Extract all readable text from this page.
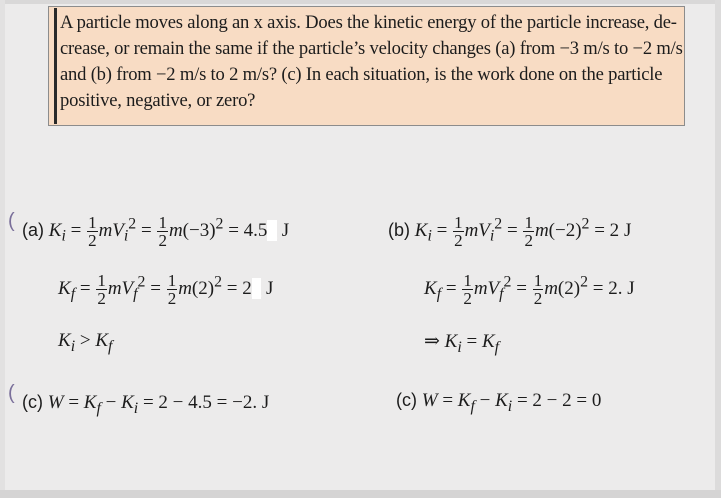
A particle moves along an x axis. Does the kinetic energy of the particle increase, de-
crease, or remain the same if the particle’s velocity changes (a) from −3 m/s to −2 m/s
and (b) from −2 m/s to 2 m/s? (c) In each situation, is the work done on the particle
positive, negative, or zero?
( (a) $K_i = \frac{1}{2} mV_i^2 = \frac{1}{2} m(-3)^2$ = 4.5_ J
$K_f = \frac{1}{2} mV_f^2 = \frac{1}{2} m(2)^2$ = 2_ J
$K_i > K_f$
(b) $K_i = \frac{1}{2} mV_i^2 = \frac{1}{2} m(-2)^2 = 2$ J
$K_f = \frac{1}{2} mV_f^2 = \frac{1}{2} m(2)^2 = 2$. J
⇒ $K_i = K_f$
( (c) $W = K_f - K_i = 2 - 4.5 = -2$. J	(c) $W = K_f - K_i = 2 - 2 = 0$
